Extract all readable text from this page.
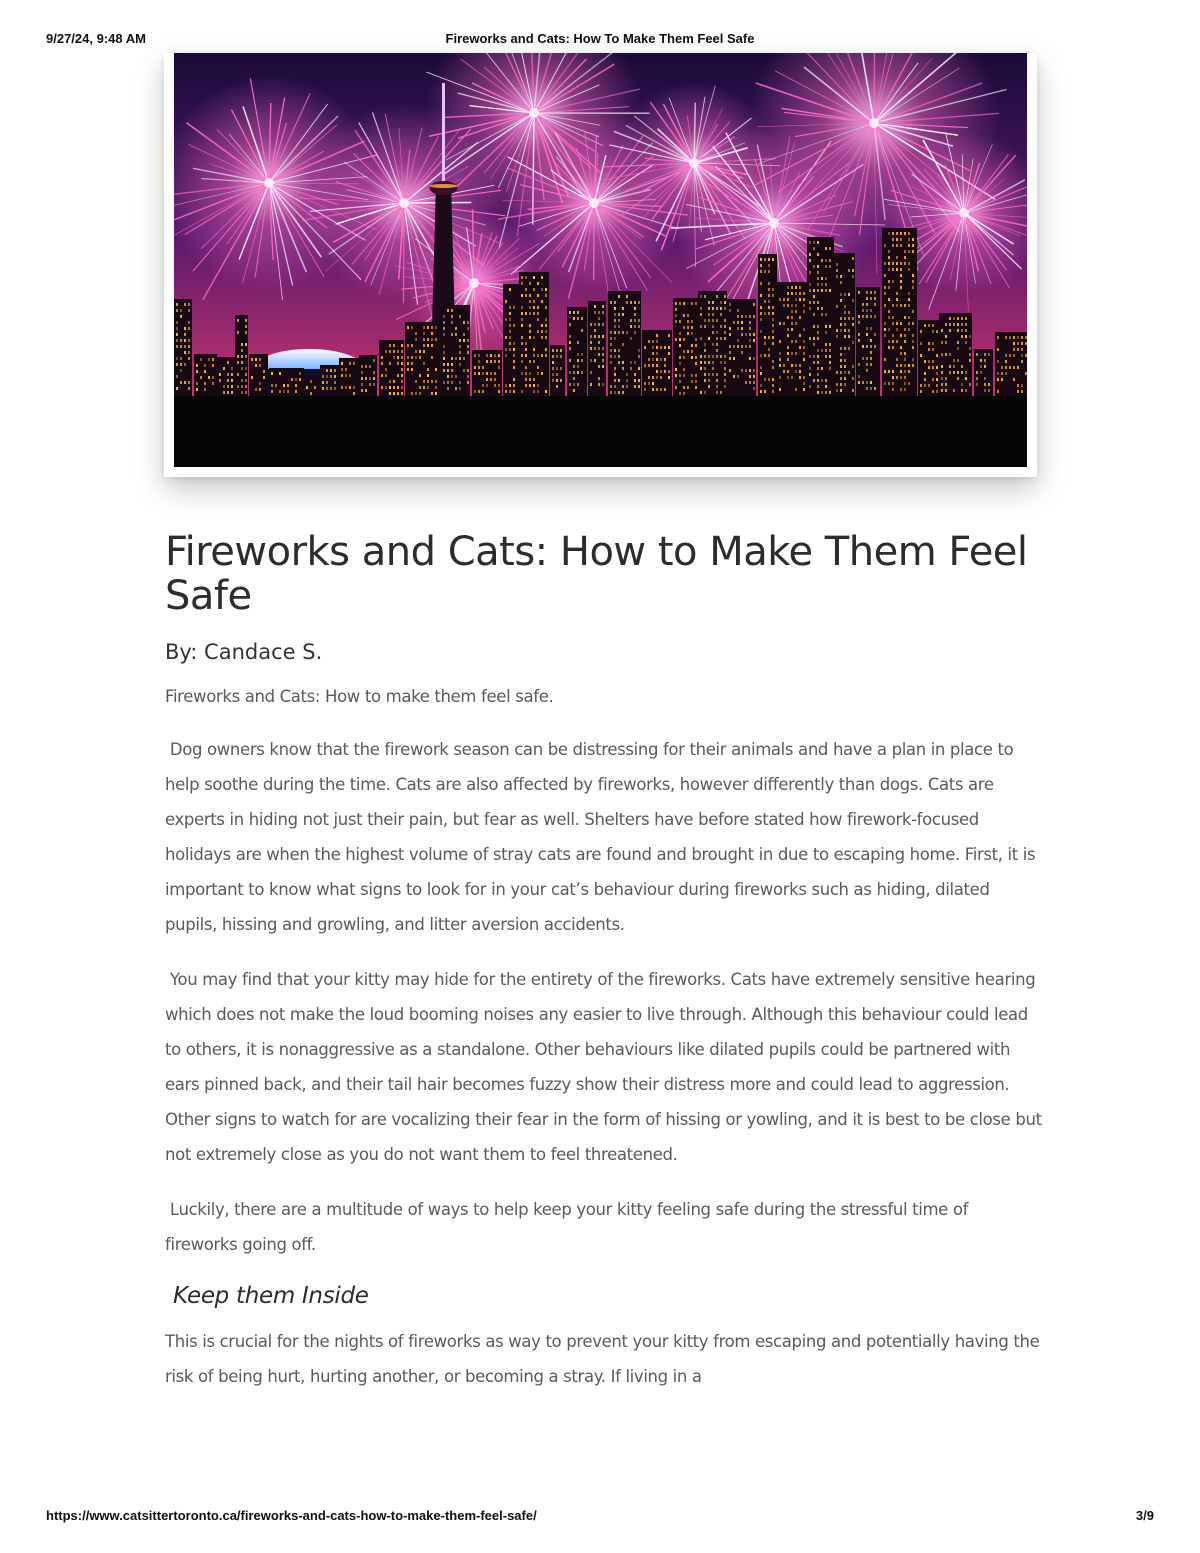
9/27/24, 9:48 AM	Fireworks and Cats: How To Make Them Feel Safe
Fireworks and Cats: How to Make Them Feel Safe
By: Candace S.

Fireworks and Cats: How to make them feel safe.

Dog owners know that the firework season can be distressing for their animals and have a plan in place to help soothe during the time. Cats are also affected by fireworks, however differently than dogs. Cats are experts in hiding not just their pain, but fear as well. Shelters have before stated how firework-focused holidays are when the highest volume of stray cats are found and brought in due to escaping home. First, it is important to know what signs to look for in your cat’s behaviour during fireworks such as hiding, dilated pupils, hissing and growling, and litter aversion accidents.

You may find that your kitty may hide for the entirety of the fireworks. Cats have extremely sensitive hearing which does not make the loud booming noises any easier to live through. Although this behaviour could lead to others, it is nonaggressive as a standalone. Other behaviours like dilated pupils could be partnered with ears pinned back, and their tail hair becomes fuzzy show their distress more and could lead to aggression. Other signs to watch for are vocalizing their fear in the form of hissing or yowling, and it is best to be close but not extremely close as you do not want them to feel threatened.

Luckily, there are a multitude of ways to help keep your kitty feeling safe during the stressful time of fireworks going off.

Keep them Inside

This is crucial for the nights of fireworks as way to prevent your kitty from escaping and potentially having the risk of being hurt, hurting another, or becoming a stray. If living in a

https://www.catsittertoronto.ca/fireworks-and-cats-how-to-make-them-feel-safe/	3/9
